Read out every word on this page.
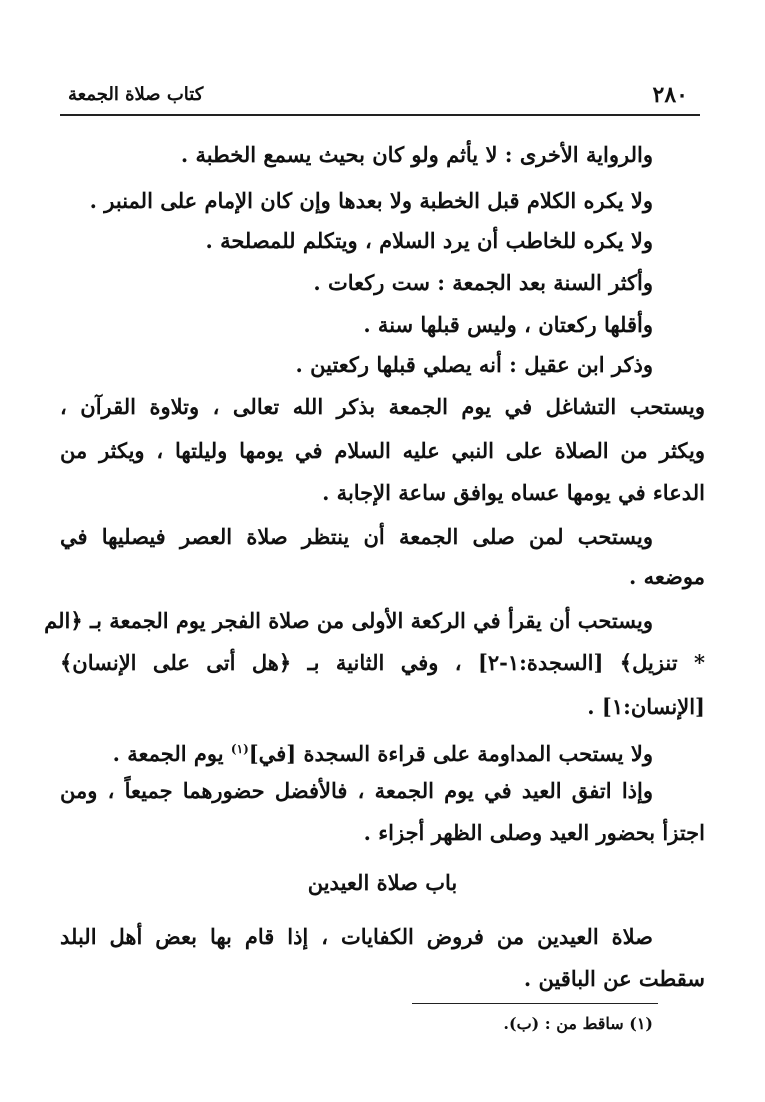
٢٨٠
كتاب صلاة الجمعة
والرواية الأخرى : لا يأثم ولو كان بحيث يسمع الخطبة .
ولا يكره الكلام قبل الخطبة ولا بعدها وإن كان الإمام على المنبر .
ولا يكره للخاطب أن يرد السلام ، ويتكلم للمصلحة .
وأكثر السنة بعد الجمعة : ست ركعات .
وأقلها ركعتان ، وليس قبلها سنة .
وذكر ابن عقيل : أنه يصلي قبلها ركعتين .
ويستحب التشاغل في يوم الجمعة بذكر الله تعالى ، وتلاوة القرآن ،
ويكثر من الصلاة على النبي عليه السلام في يومها وليلتها ، ويكثر من
الدعاء في يومها عساه يوافق ساعة الإجابة .
ويستحب لمن صلى الجمعة أن ينتظر صلاة العصر فيصليها في
موضعه .
ويستحب أن يقرأ في الركعة الأولى من صلاة الفجر يوم الجمعة بـ ﴿الم
* تنزيل﴾ [السجدة:١-٢] ، وفي الثانية بـ ﴿هل أتى على الإنسان﴾
[الإنسان:١] .
ولا يستحب المداومة على قراءة السجدة [في]$^{(١)}$ يوم الجمعة .
وإذا اتفق العيد في يوم الجمعة ، فالأفضل حضورهما جميعاً ، ومن
اجتزأ بحضور العيد وصلى الظهر أجزاء .
باب صلاة العيدين
صلاة العيدين من فروض الكفايات ، إذا قام بها بعض أهل البلد
سقطت عن الباقين .
(١) ساقط من : (ب).
